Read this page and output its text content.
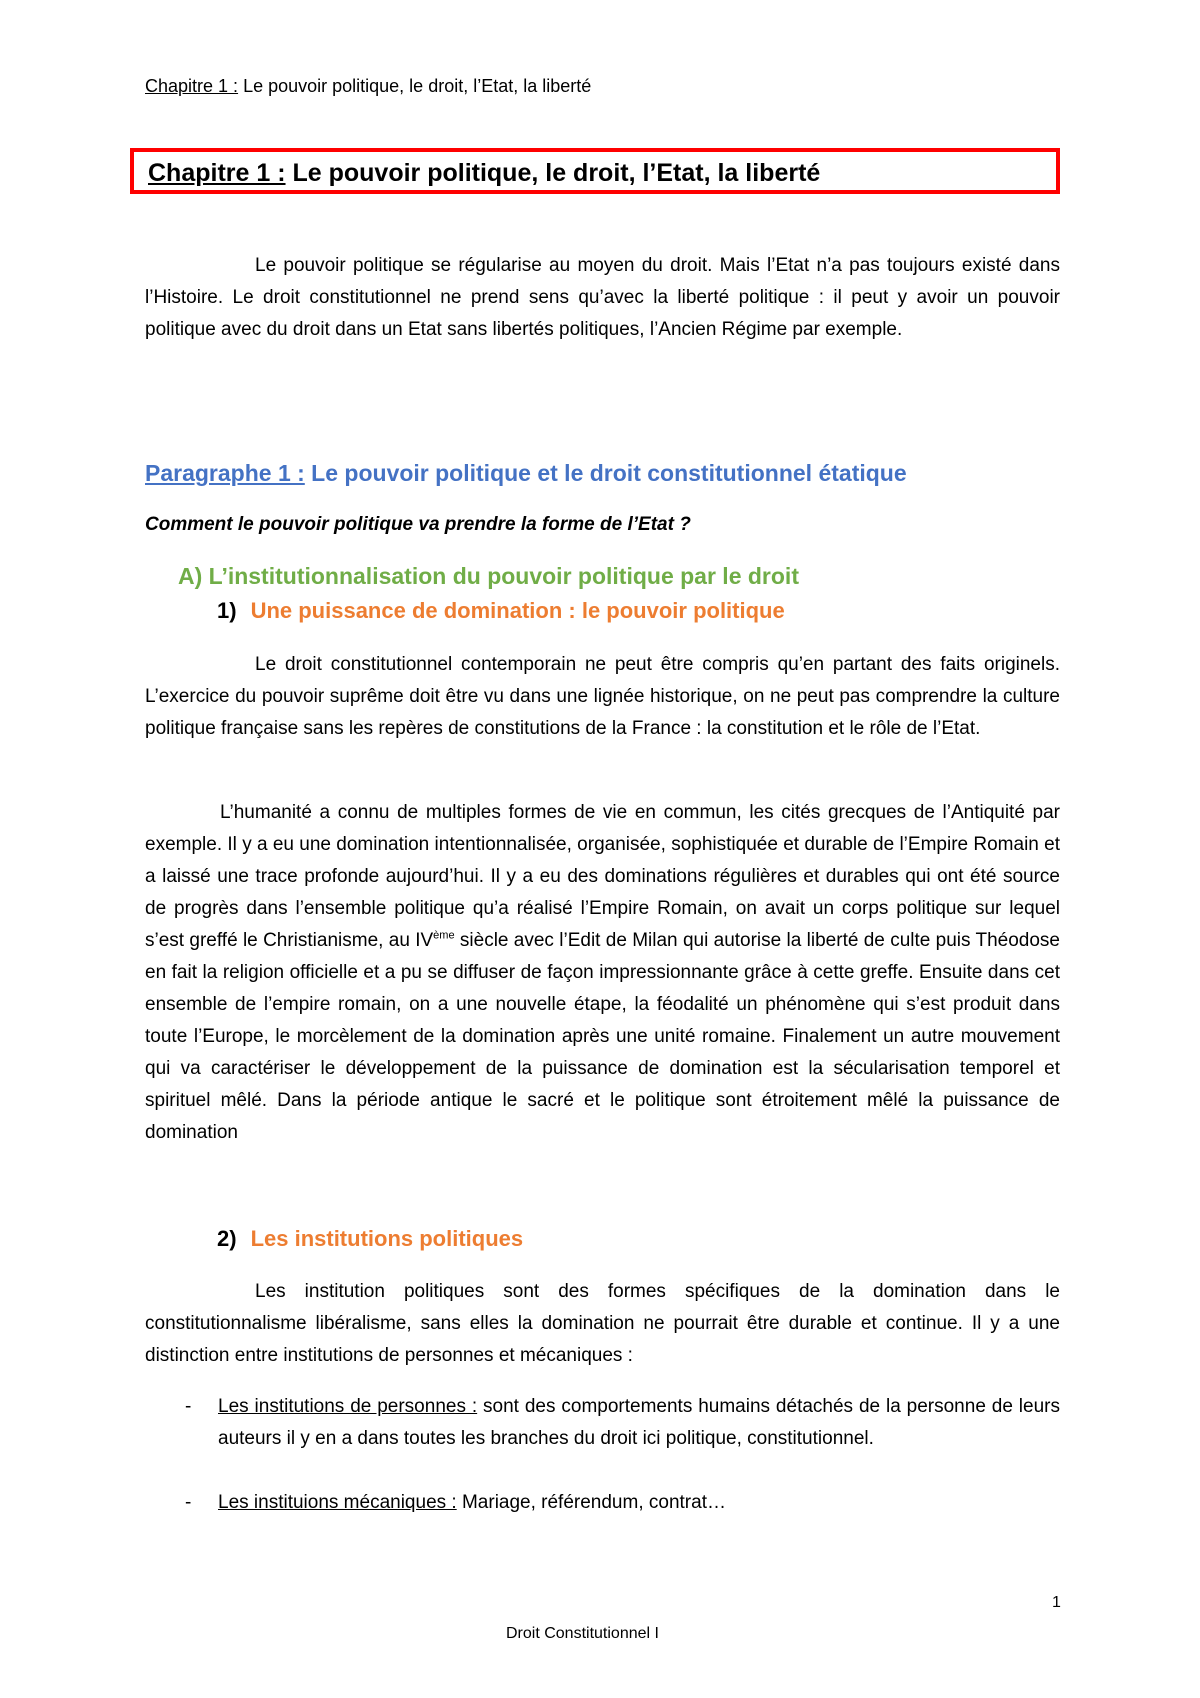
Chapitre 1 : Le pouvoir politique, le droit, l’Etat, la liberté
Chapitre 1 : Le pouvoir politique, le droit, l’Etat, la liberté

Le pouvoir politique se régularise au moyen du droit. Mais l’Etat n’a pas toujours existé dans l’Histoire. Le droit constitutionnel ne prend sens qu’avec la liberté politique : il peut y avoir un pouvoir politique avec du droit dans un Etat sans libertés politiques, l’Ancien Régime par exemple.

Paragraphe 1 : Le pouvoir politique et le droit constitutionnel étatique
Comment le pouvoir politique va prendre la forme de l’Etat ?
A) L’institutionnalisation du pouvoir politique par le droit
1) Une puissance de domination : le pouvoir politique

Le droit constitutionnel contemporain ne peut être compris qu’en partant des faits originels. L’exercice du pouvoir suprême doit être vu dans une lignée historique, on ne peut pas comprendre la culture politique française sans les repères de constitutions de la France : la constitution et le rôle de l’Etat.

L’humanité a connu de multiples formes de vie en commun, les cités grecques de l’Antiquité par exemple. Il y a eu une domination intentionnalisée, organisée, sophistiquée et durable de l’Empire Romain et a laissé une trace profonde aujourd’hui. Il y a eu des dominations régulières et durables qui ont été source de progrès dans l’ensemble politique qu’a réalisé l’Empire Romain, on avait un corps politique sur lequel s’est greffé le Christianisme, au IVème siècle avec l’Edit de Milan qui autorise la liberté de culte puis Théodose en fait la religion officielle et a pu se diffuser de façon impressionnante grâce à cette greffe. Ensuite dans cet ensemble de l’empire romain, on a une nouvelle étape, la féodalité un phénomène qui s’est produit dans toute l’Europe, le morcèlement de la domination après une unité romaine. Finalement un autre mouvement qui va caractériser le développement de la puissance de domination est la sécularisation temporel et spirituel mêlé. Dans la période antique le sacré et le politique sont étroitement mêlé la puissance de domination

2) Les institutions politiques

Les institution politiques sont des formes spécifiques de la domination dans le constitutionnalisme libéralisme, sans elles la domination ne pourrait être durable et continue. Il y a une distinction entre institutions de personnes et mécaniques :

- Les institutions de personnes : sont des comportements humains détachés de la personne de leurs auteurs il y en a dans toutes les branches du droit ici politique, constitutionnel.
- Les instituions mécaniques : Mariage, référendum, contrat…
1
Droit Constitutionnel I
